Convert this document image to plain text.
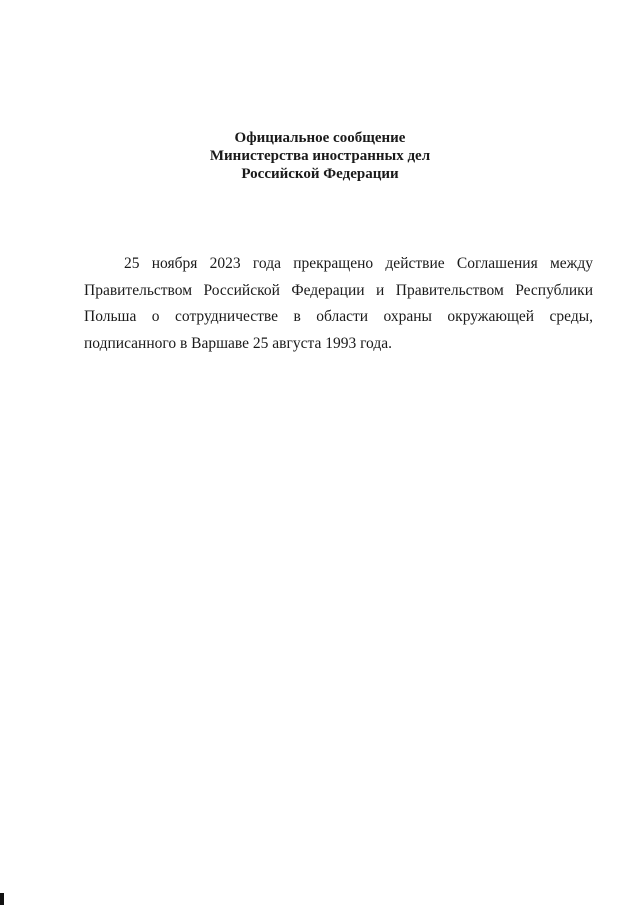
Официальное сообщение
Министерства иностранных дел
Российской Федерации

25 ноября 2023 года прекращено действие Соглашения между Правительством Российской Федерации и Правительством Республики Польша о сотрудничестве в области охраны окружающей среды, подписанного в Варшаве 25 августа 1993 года.
